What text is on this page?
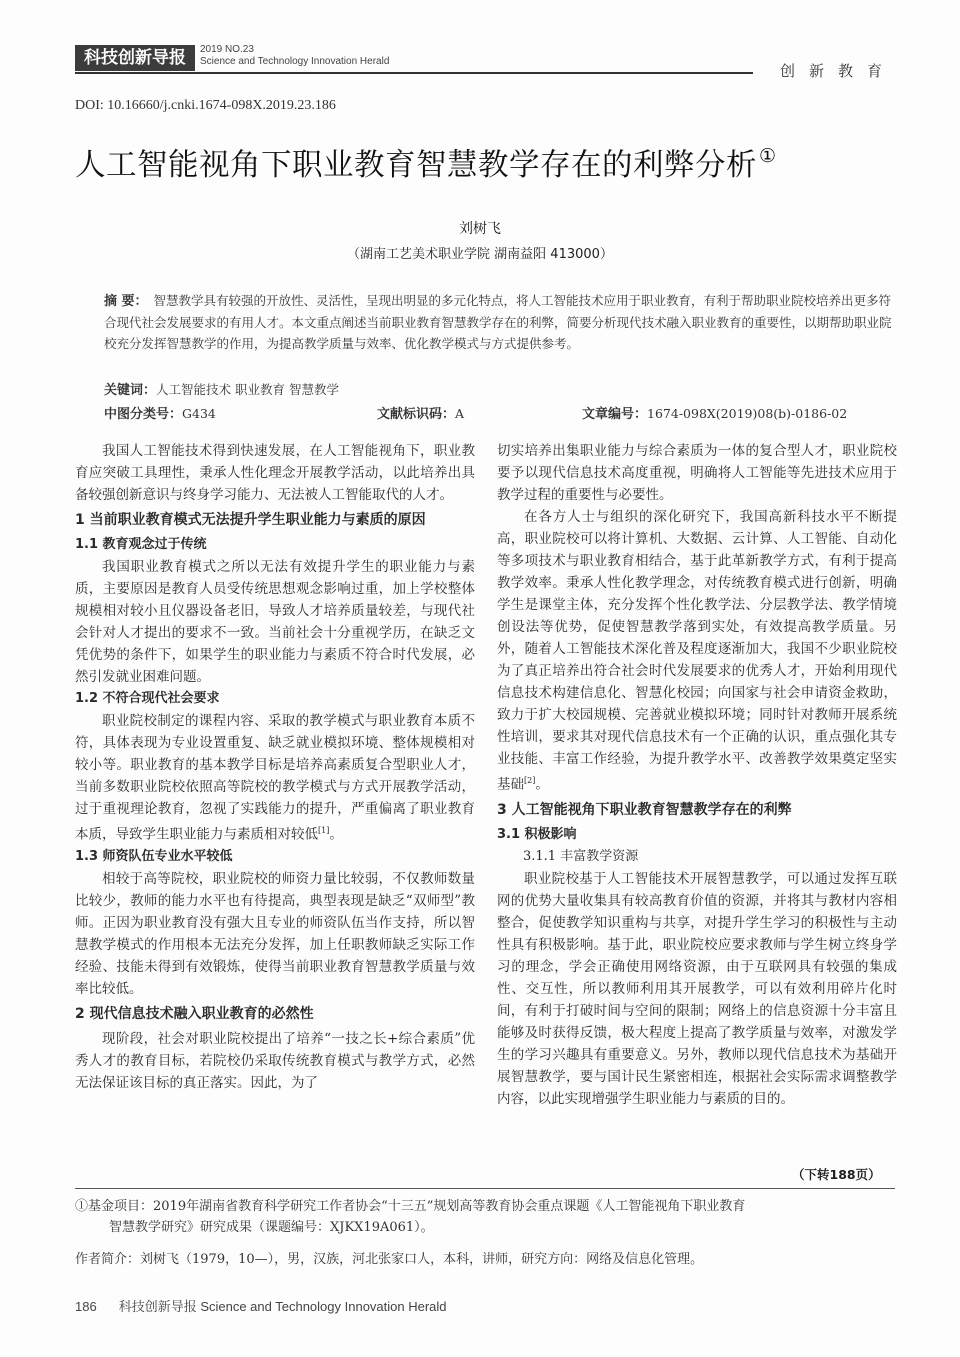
科技创新导报	2019 NO.23
Science and Technology Innovation Herald
创新教育
DOI: 10.16660/j.cnki.1674-098X.2019.23.186
人工智能视角下职业教育智慧教学存在的利弊分析 ①
刘树飞
（湖南工艺美术职业学院 湖南益阳 413000）
摘 要： 智慧教学具有较强的开放性、灵活性，呈现出明显的多元化特点，将人工智能技术应用于职业教育，有利于帮助职业院校培养出更多符合现代社会发展要求的有用人才。本文重点阐述当前职业教育智慧教学存在的利弊，简要分析现代技术融入职业教育的重要性，以期帮助职业院校充分发挥智慧教学的作用，为提高教学质量与效率、优化教学模式与方式提供参考。
关键词：人工智能技术 职业教育 智慧教学
中图分类号：G434	文献标识码：A	文章编号：1674-098X(2019)08(b)-0186-02

我国人工智能技术得到快速发展，在人工智能视角下，职业教育应突破工具理性，秉承人性化理念开展教学活动，以此培养出具备较强创新意识与终身学习能力、无法被人工智能取代的人才。

1 当前职业教育模式无法提升学生职业能力与素质的原因
1.1 教育观念过于传统

我国职业教育模式之所以无法有效提升学生的职业能力与素质，主要原因是教育人员受传统思想观念影响过重，加上学校整体规模相对较小且仪器设备老旧，导致人才培养质量较差，与现代社会针对人才提出的要求不一致。当前社会十分重视学历，在缺乏文凭优势的条件下，如果学生的职业能力与素质不符合时代发展，必然引发就业困难问题。

1.2 不符合现代社会要求

职业院校制定的课程内容、采取的教学模式与职业教育本质不符，具体表现为专业设置重复、缺乏就业模拟环境、整体规模相对较小等。职业教育的基本教学目标是培养高素质复合型职业人才，当前多数职业院校依照高等院校的教学模式与方式开展教学活动，过于重视理论教育，忽视了实践能力的提升，严重偏离了职业教育本质，导致学生职业能力与素质相对较低[1]。

1.3 师资队伍专业水平较低

相较于高等院校，职业院校的师资力量比较弱，不仅教师数量比较少，教师的能力水平也有待提高，典型表现是缺乏“双师型”教师。正因为职业教育没有强大且专业的师资队伍当作支持，所以智慧教学模式的作用根本无法充分发挥，加上任职教师缺乏实际工作经验、技能未得到有效锻炼，使得当前职业教育智慧教学质量与效率比较低。

2 现代信息技术融入职业教育的必然性

现阶段，社会对职业院校提出了培养“一技之长+综合素质”优秀人才的教育目标，若院校仍采取传统教育模式与教学方式，必然无法保证该目标的真正落实。因此，为了

切实培养出集职业能力与综合素质为一体的复合型人才，职业院校要予以现代信息技术高度重视，明确将人工智能等先进技术应用于教学过程的重要性与必要性。

在各方人士与组织的深化研究下，我国高新科技水平不断提高，职业院校可以将计算机、大数据、云计算、人工智能、自动化等多项技术与职业教育相结合，基于此革新教学方式，有利于提高教学效率。秉承人性化教学理念，对传统教育模式进行创新，明确学生是课堂主体，充分发挥个性化教学法、分层教学法、教学情境创设法等优势，促使智慧教学落到实处，有效提高教学质量。另外，随着人工智能技术深化普及程度逐渐加大，我国不少职业院校为了真正培养出符合社会时代发展要求的优秀人才，开始利用现代信息技术构建信息化、智慧化校园；向国家与社会申请资金救助，致力于扩大校园规模、完善就业模拟环境；同时针对教师开展系统性培训，要求其对现代信息技术有一个正确的认识，重点强化其专业技能、丰富工作经验，为提升教学水平、改善教学效果奠定坚实基础[2]。

3 人工智能视角下职业教育智慧教学存在的利弊
3.1 积极影响
3.1.1 丰富教学资源

职业院校基于人工智能技术开展智慧教学，可以通过发挥互联网的优势大量收集具有较高教育价值的资源，并将其与教材内容相整合，促使教学知识重构与共享，对提升学生学习的积极性与主动性具有积极影响。基于此，职业院校应要求教师与学生树立终身学习的理念，学会正确使用网络资源，由于互联网具有较强的集成性、交互性，所以教师利用其开展教学，可以有效利用碎片化时间，有利于打破时间与空间的限制；网络上的信息资源十分丰富且能够及时获得反馈，极大程度上提高了教学质量与效率，对激发学生的学习兴趣具有重要意义。另外，教师以现代信息技术为基础开展智慧教学，要与国计民生紧密相连，根据社会实际需求调整教学内容，以此实现增强学生职业能力与素质的目的。

（下转188页）
①基金项目：2019年湖南省教育科学研究工作者协会“十三五”规划高等教育协会重点课题《人工智能视角下职业教育
智慧教学研究》研究成果（课题编号：XJKX19A061）。
作者简介：刘树飞（1979，10—），男，汉族，河北张家口人，本科，讲师，研究方向：网络及信息化管理。
186 科技创新导报 Science and Technology Innovation Herald
